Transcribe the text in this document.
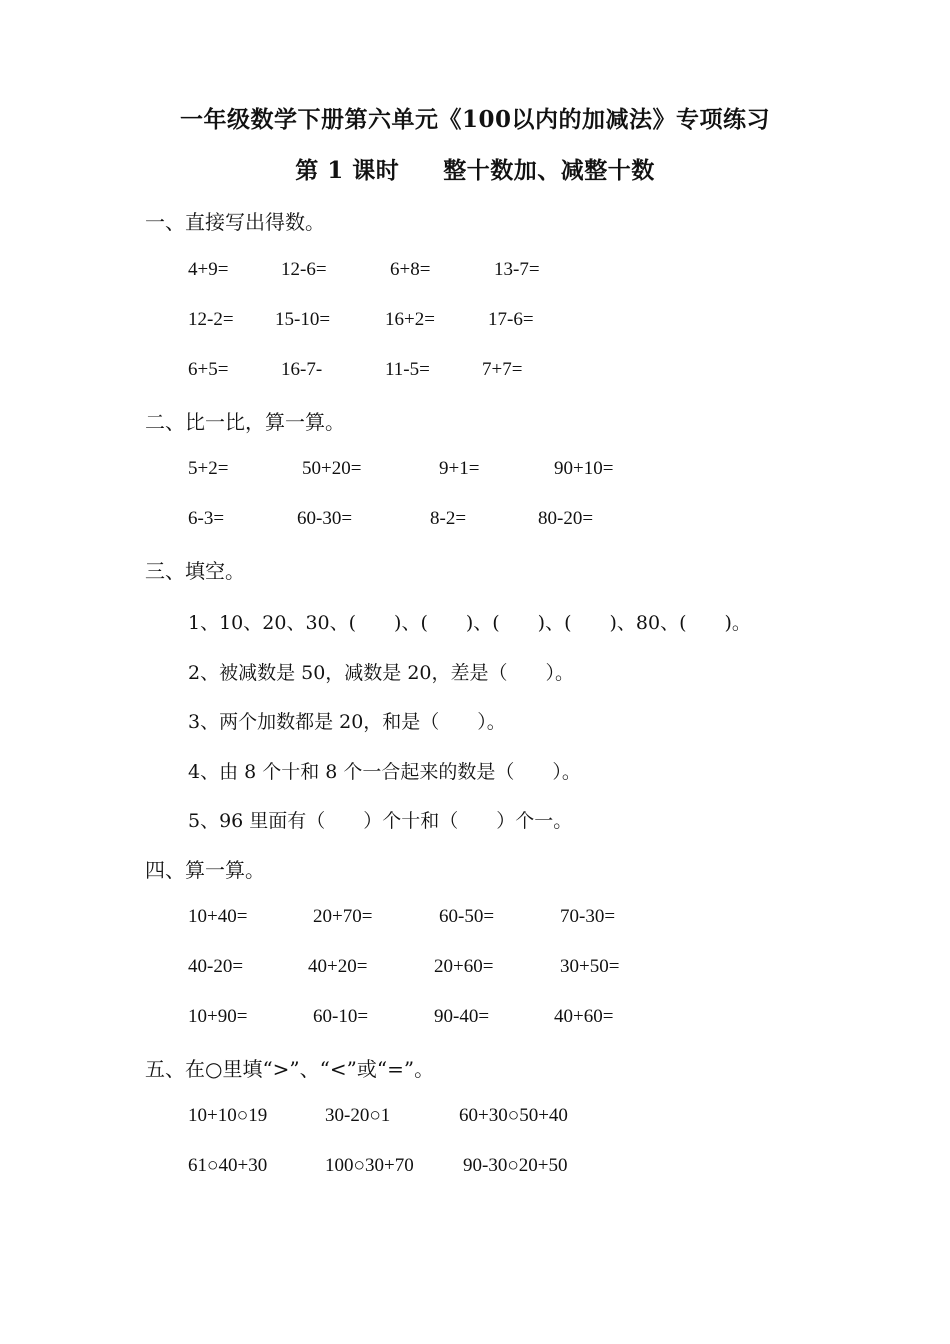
一年级数学下册第六单元《100以内的加减法》专项练习
第 1 课时 整十数加、减整十数
一、直接写出得数。
4+9=	12-6=	6+8=	13-7=
12-2= 15-10=	16+2=	17-6=
6+5=	16-7-	11-5=	7+7=
二、比一比，算一算。
5+2=	50+20=	9+1=	90+10=
6-3=	60-30=	8-2=	80-20=
三、填空。
1、10、20、30、(　　)、(　　)、(　　)、(　　)、80、(　　)。
2、被减数是 50，减数是 20，差是（　　）。
3、两个加数都是 20，和是（　　）。
4、由 8 个十和 8 个一合起来的数是（　　）。
5、96 里面有（　　）个十和（　　）个一。
四、算一算。
10+40=	20+70=	60-50=	70-30=
40-20=	40+20=	20+60=	30+50=
10+90=	60-10=	90-40=	40+60=
五、在○里填“>”、“<”或“=”。
10+10○19	30-20○1	60+30○50+40
61○40+30	100○30+70	90-30○20+50
